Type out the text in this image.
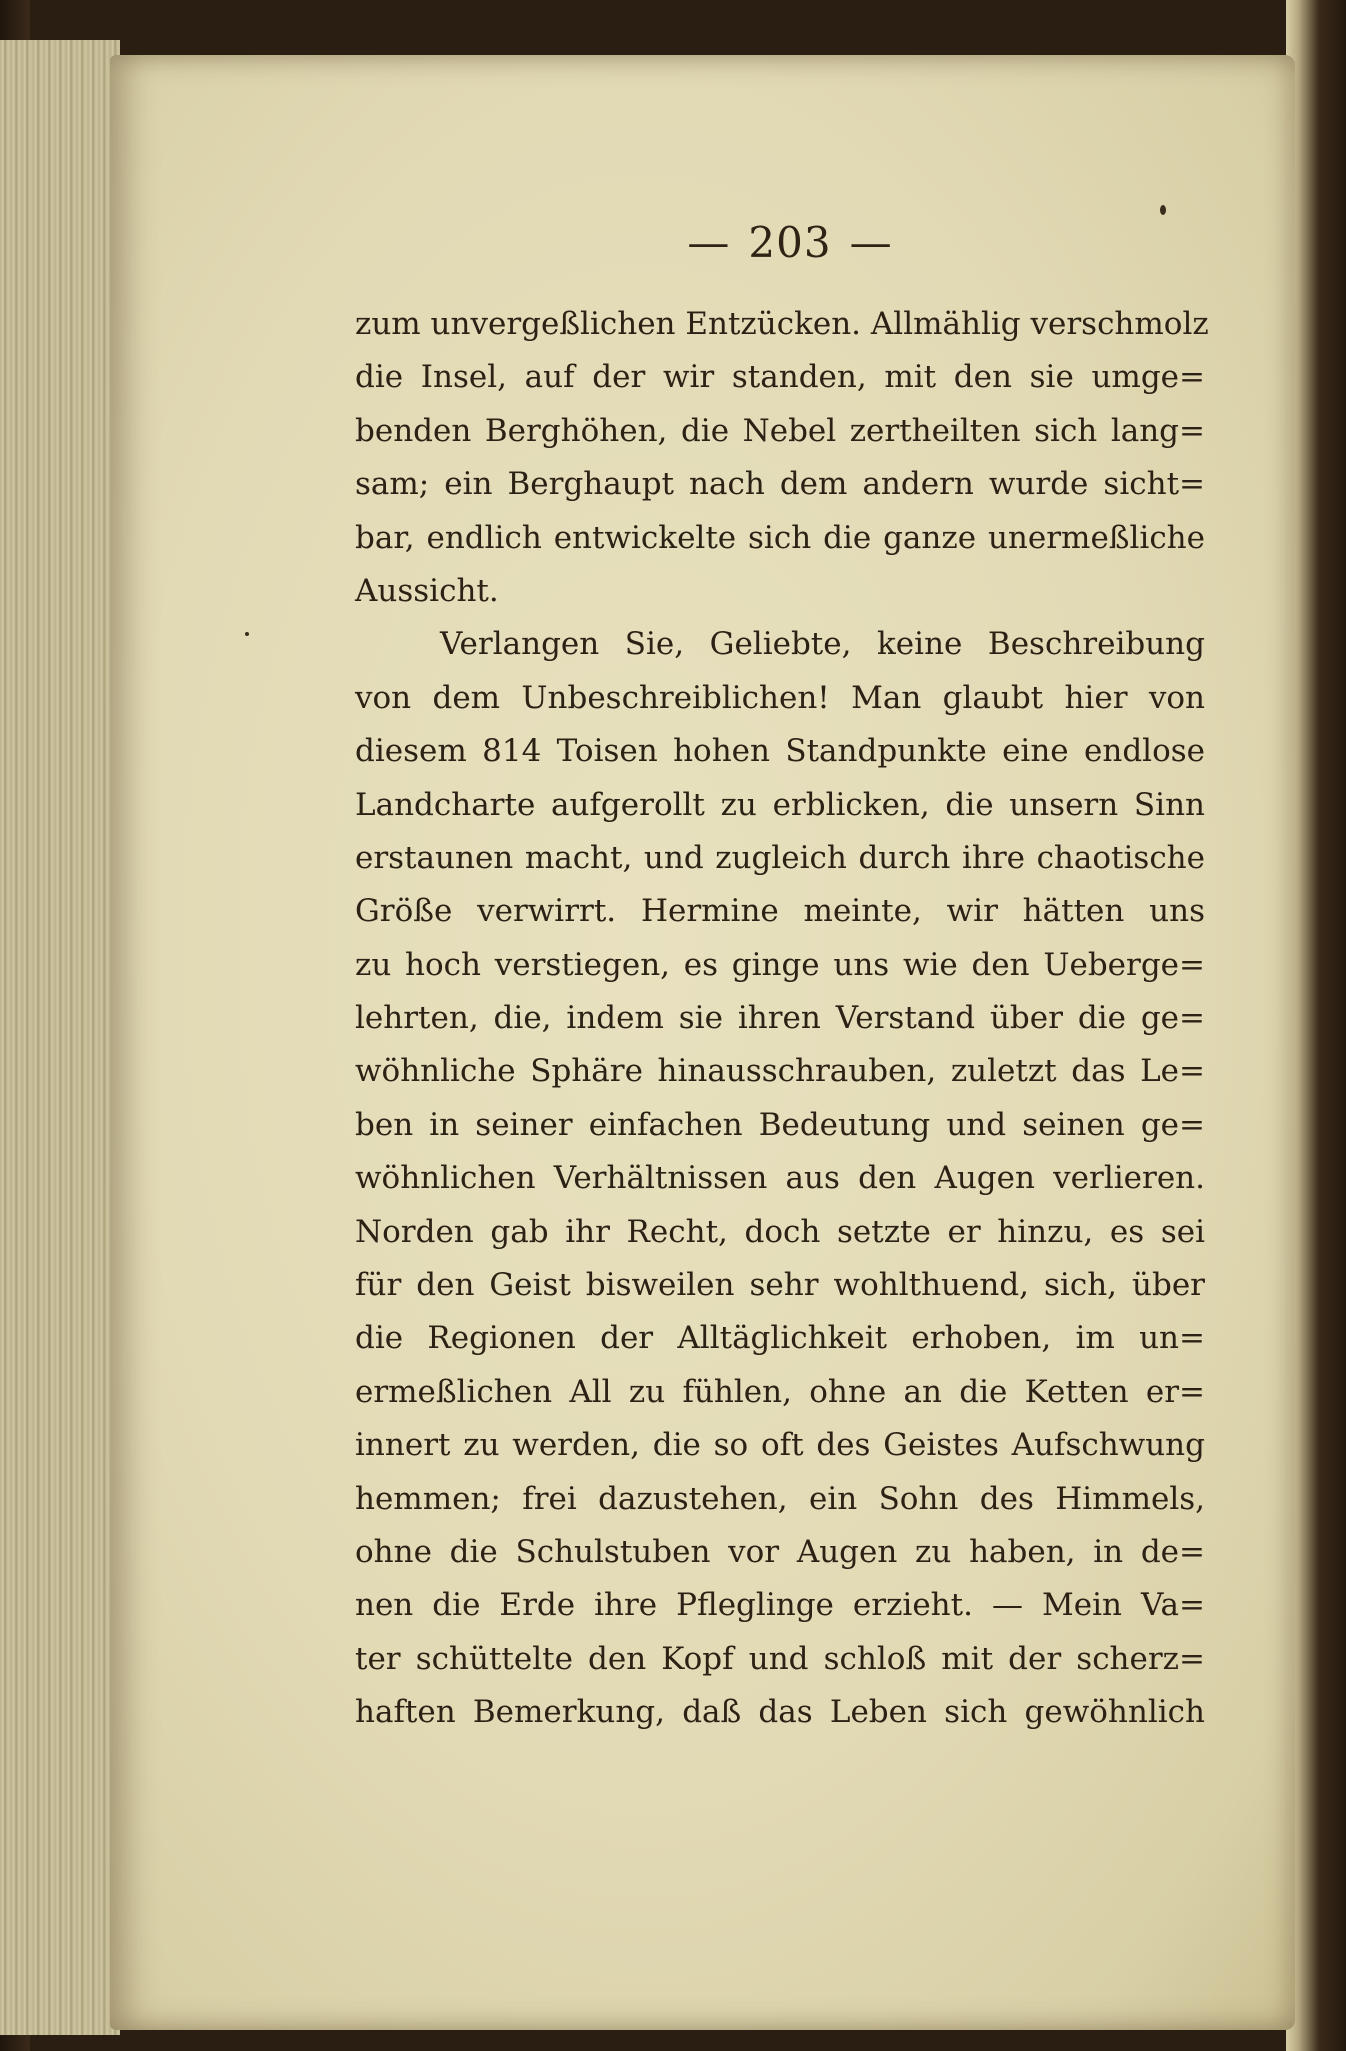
— 203 —
zum unvergeßlichen Entzücken. Allmählig verschmolz
die Insel, auf der wir standen, mit den sie umge=
benden Berghöhen, die Nebel zertheilten sich lang=
sam; ein Berghaupt nach dem andern wurde sicht=
bar, endlich entwickelte sich die ganze unermeßliche
Aussicht.
Verlangen Sie, Geliebte, keine Beschreibung
von dem Unbeschreiblichen! Man glaubt hier von
diesem 814 Toisen hohen Standpunkte eine endlose
Landcharte aufgerollt zu erblicken, die unsern Sinn
erstaunen macht, und zugleich durch ihre chaotische
Größe verwirrt. Hermine meinte, wir hätten uns
zu hoch verstiegen, es ginge uns wie den Ueberge=
lehrten, die, indem sie ihren Verstand über die ge=
wöhnliche Sphäre hinausschrauben, zuletzt das Le=
ben in seiner einfachen Bedeutung und seinen ge=
wöhnlichen Verhältnissen aus den Augen verlieren.
Norden gab ihr Recht, doch setzte er hinzu, es sei
für den Geist bisweilen sehr wohlthuend, sich, über
die Regionen der Alltäglichkeit erhoben, im un=
ermeßlichen All zu fühlen, ohne an die Ketten er=
innert zu werden, die so oft des Geistes Aufschwung
hemmen; frei dazustehen, ein Sohn des Himmels,
ohne die Schulstuben vor Augen zu haben, in de=
nen die Erde ihre Pfleglinge erzieht. — Mein Va=
ter schüttelte den Kopf und schloß mit der scherz=
haften Bemerkung, daß das Leben sich gewöhnlich
